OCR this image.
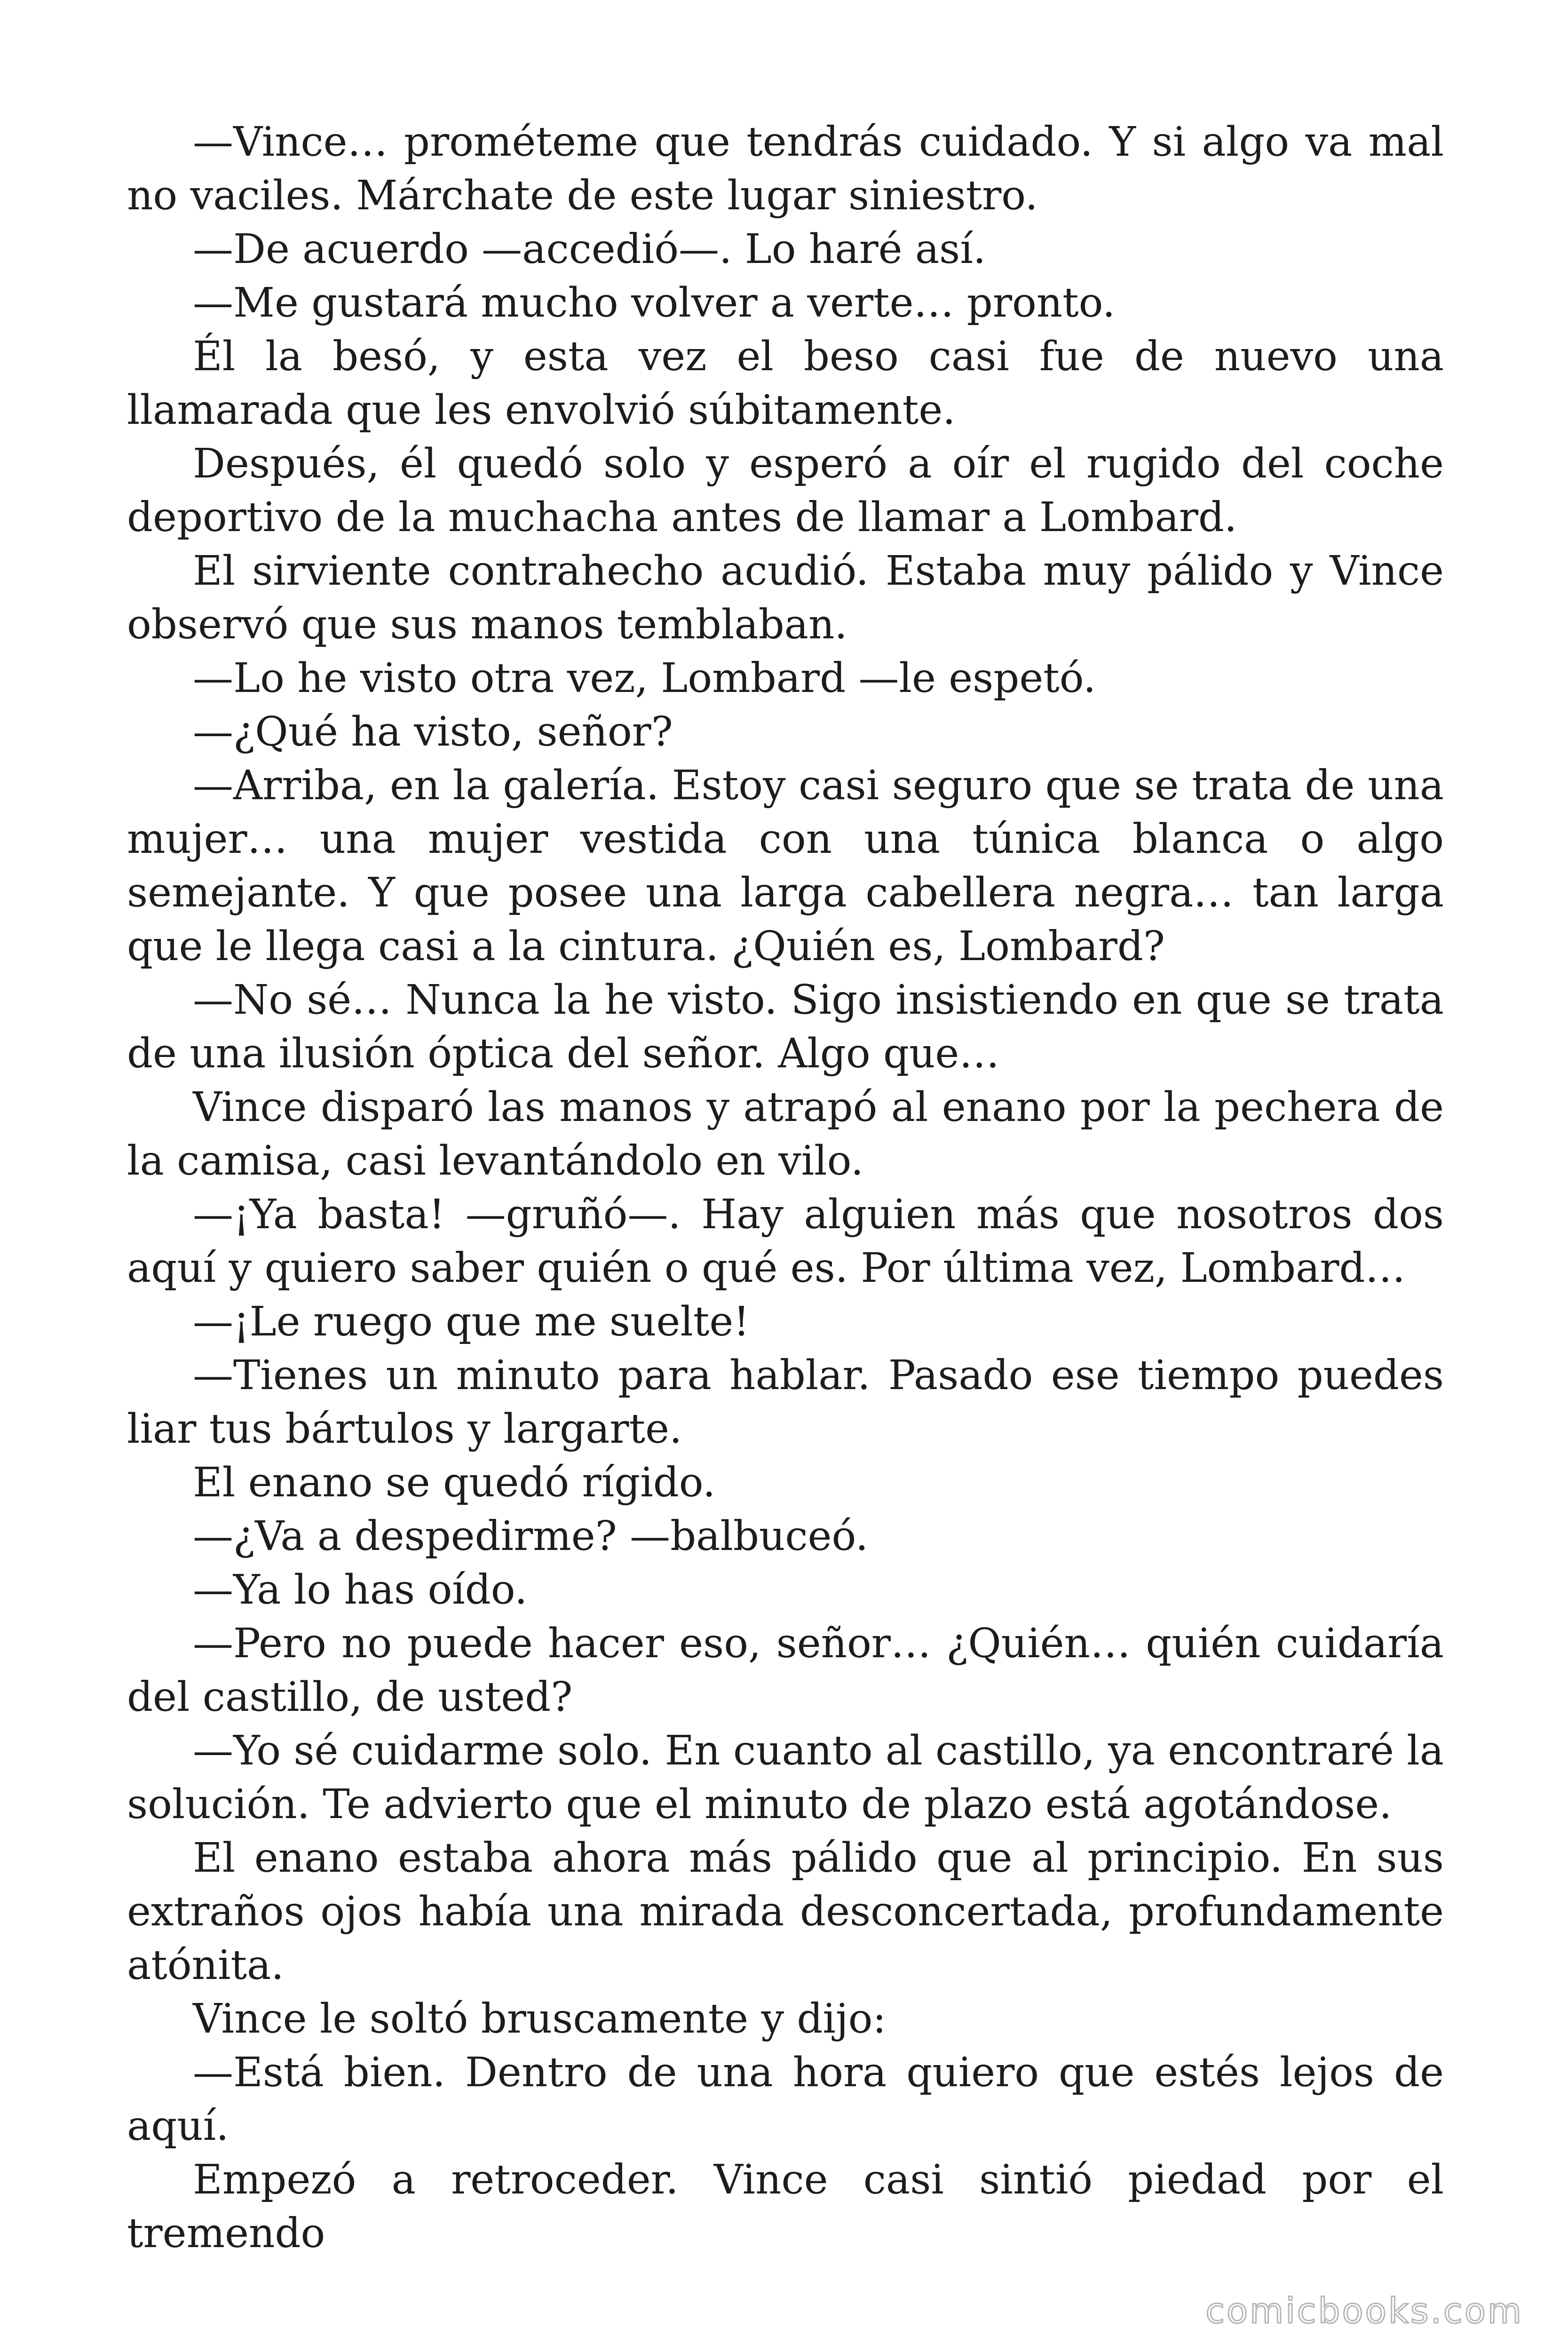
—Vince… prométeme que tendrás cuidado. Y si algo va mal no vaciles. Márchate de este lugar siniestro.

—De acuerdo —accedió—. Lo haré así.

—Me gustará mucho volver a verte… pronto.

Él la besó, y esta vez el beso casi fue de nuevo una llamarada que les envolvió súbitamente.

Después, él quedó solo y esperó a oír el rugido del coche deportivo de la muchacha antes de llamar a Lombard.

El sirviente contrahecho acudió. Estaba muy pálido y Vince observó que sus manos temblaban.

—Lo he visto otra vez, Lombard —le espetó.

—¿Qué ha visto, señor?

—Arriba, en la galería. Estoy casi seguro que se trata de una mujer… una mujer vestida con una túnica blanca o algo semejante. Y que posee una larga cabellera negra… tan larga que le llega casi a la cintura. ¿Quién es, Lombard?

—No sé… Nunca la he visto. Sigo insistiendo en que se trata de una ilusión óptica del señor. Algo que…

Vince disparó las manos y atrapó al enano por la pechera de la camisa, casi levantándolo en vilo.

—¡Ya basta! —gruñó—. Hay alguien más que nosotros dos aquí y quiero saber quién o qué es. Por última vez, Lombard…

—¡Le ruego que me suelte!

—Tienes un minuto para hablar. Pasado ese tiempo puedes liar tus bártulos y largarte.

El enano se quedó rígido.

—¿Va a despedirme? —balbuceó.

—Ya lo has oído.

—Pero no puede hacer eso, señor… ¿Quién… quién cuidaría del castillo, de usted?

—Yo sé cuidarme solo. En cuanto al castillo, ya encontraré la solución. Te advierto que el minuto de plazo está agotándose.

El enano estaba ahora más pálido que al principio. En sus extraños ojos había una mirada desconcertada, profundamente atónita.

Vince le soltó bruscamente y dijo:

—Está bien. Dentro de una hora quiero que estés lejos de aquí.

Empezó a retroceder. Vince casi sintió piedad por el tremendo

comicbooks.com
